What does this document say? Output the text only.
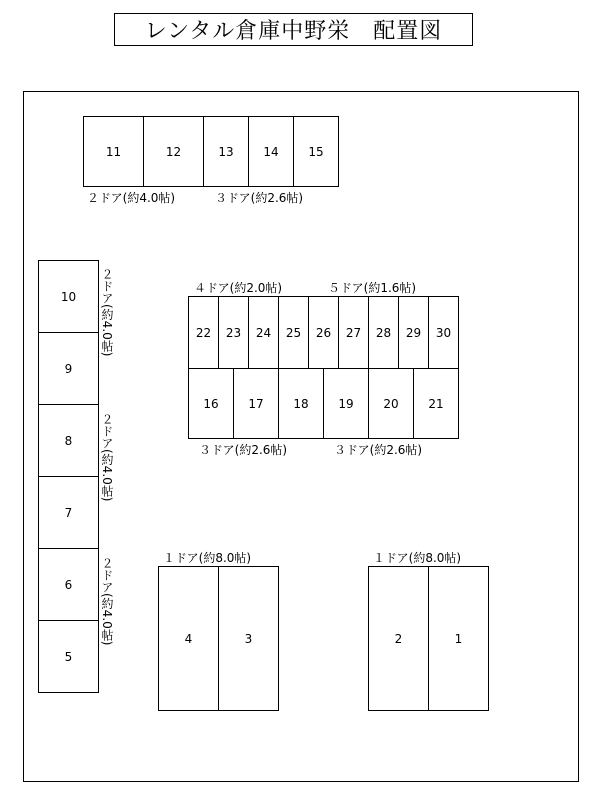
レンタル倉庫中野栄　配置図
11	12	13	14	15
２ドア(約4.0帖)	３ドア(約2.6帖)
10
9
8
7
6
5
２ドア(約4.0帖)
２ドア(約4.0帖)
２ドア(約4.0帖)
４ドア(約2.0帖)	５ドア(約1.6帖)
22	23	24	25	26	27	28	29	30
16	17	18	19	20	21
３ドア(約2.6帖)	３ドア(約2.6帖)
１ドア(約8.0帖)
4	3
１ドア(約8.0帖)
2	1
